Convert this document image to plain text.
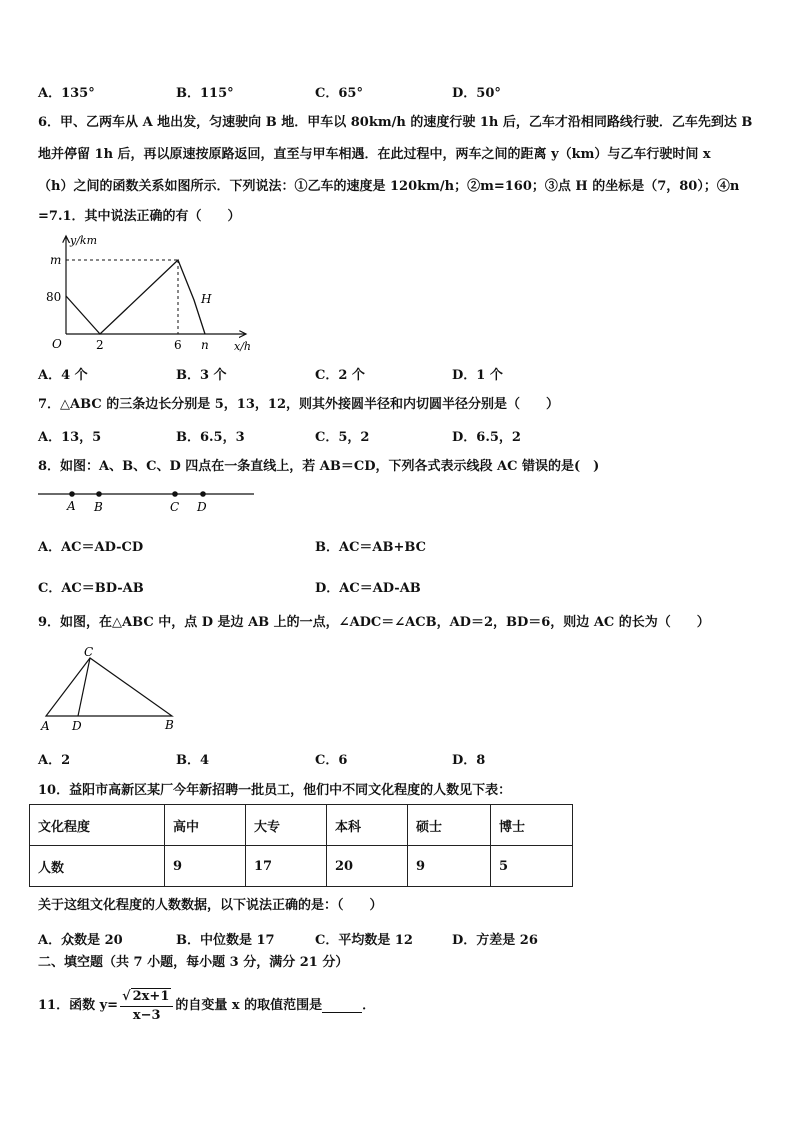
A．135°	B．115°	C．65°	D．50°
6．甲、乙两车从 A 地出发，匀速驶向 B 地．甲车以 80km/h 的速度行驶 1h 后，乙车才沿相同路线行驶．乙车先到达 B
地并停留 1h 后，再以原速按原路返回，直至与甲车相遇．在此过程中，两车之间的距离 y（km）与乙车行驶时间 x
（h）之间的函数关系如图所示．下列说法：①乙车的速度是 120km/h；②m=160；③点 H 的坐标是（7，80）；④n
=7.1．其中说法正确的有（　　）
y/km
x/h
O
m
80
2	6 n
H
A．4 个	B．3 个	C．2 个	D．1 个
7．△ABC 的三条边长分别是 5，13，12，则其外接圆半径和内切圆半径分别是（　　）
A．13，5	B．6.5，3	C．5，2	D．6.5，2
8．如图：A、B、C、D 四点在一条直线上，若 AB＝CD，下列各式表示线段 AC 错误的是(　)
A B	C D
A．AC＝AD-CD	B．AC＝AB+BC
C．AC＝BD-AB	D．AC＝AD-AB
9．如图，在△ABC 中，点 D 是边 AB 上的一点，∠ADC＝∠ACB，AD＝2，BD＝6，则边 AC 的长为（　　）
C
A D	B
A．2	B．4	C．6	D．8
10．益阳市高新区某厂今年新招聘一批员工，他们中不同文化程度的人数见下表：
文化程度	高中	大专	本科	硕士	博士
人数	9	17	20	9	5
关于这组文化程度的人数数据，以下说法正确的是：（　　）
A．众数是 20	B．中位数是 17	C．平均数是 12	D．方差是 26
二、填空题（共 7 小题，每小题 3 分，满分 21 分）
11．函数 $y= \frac{√ 2x+1}{x-3}$ 的自变量 x 的取值范围是	．
